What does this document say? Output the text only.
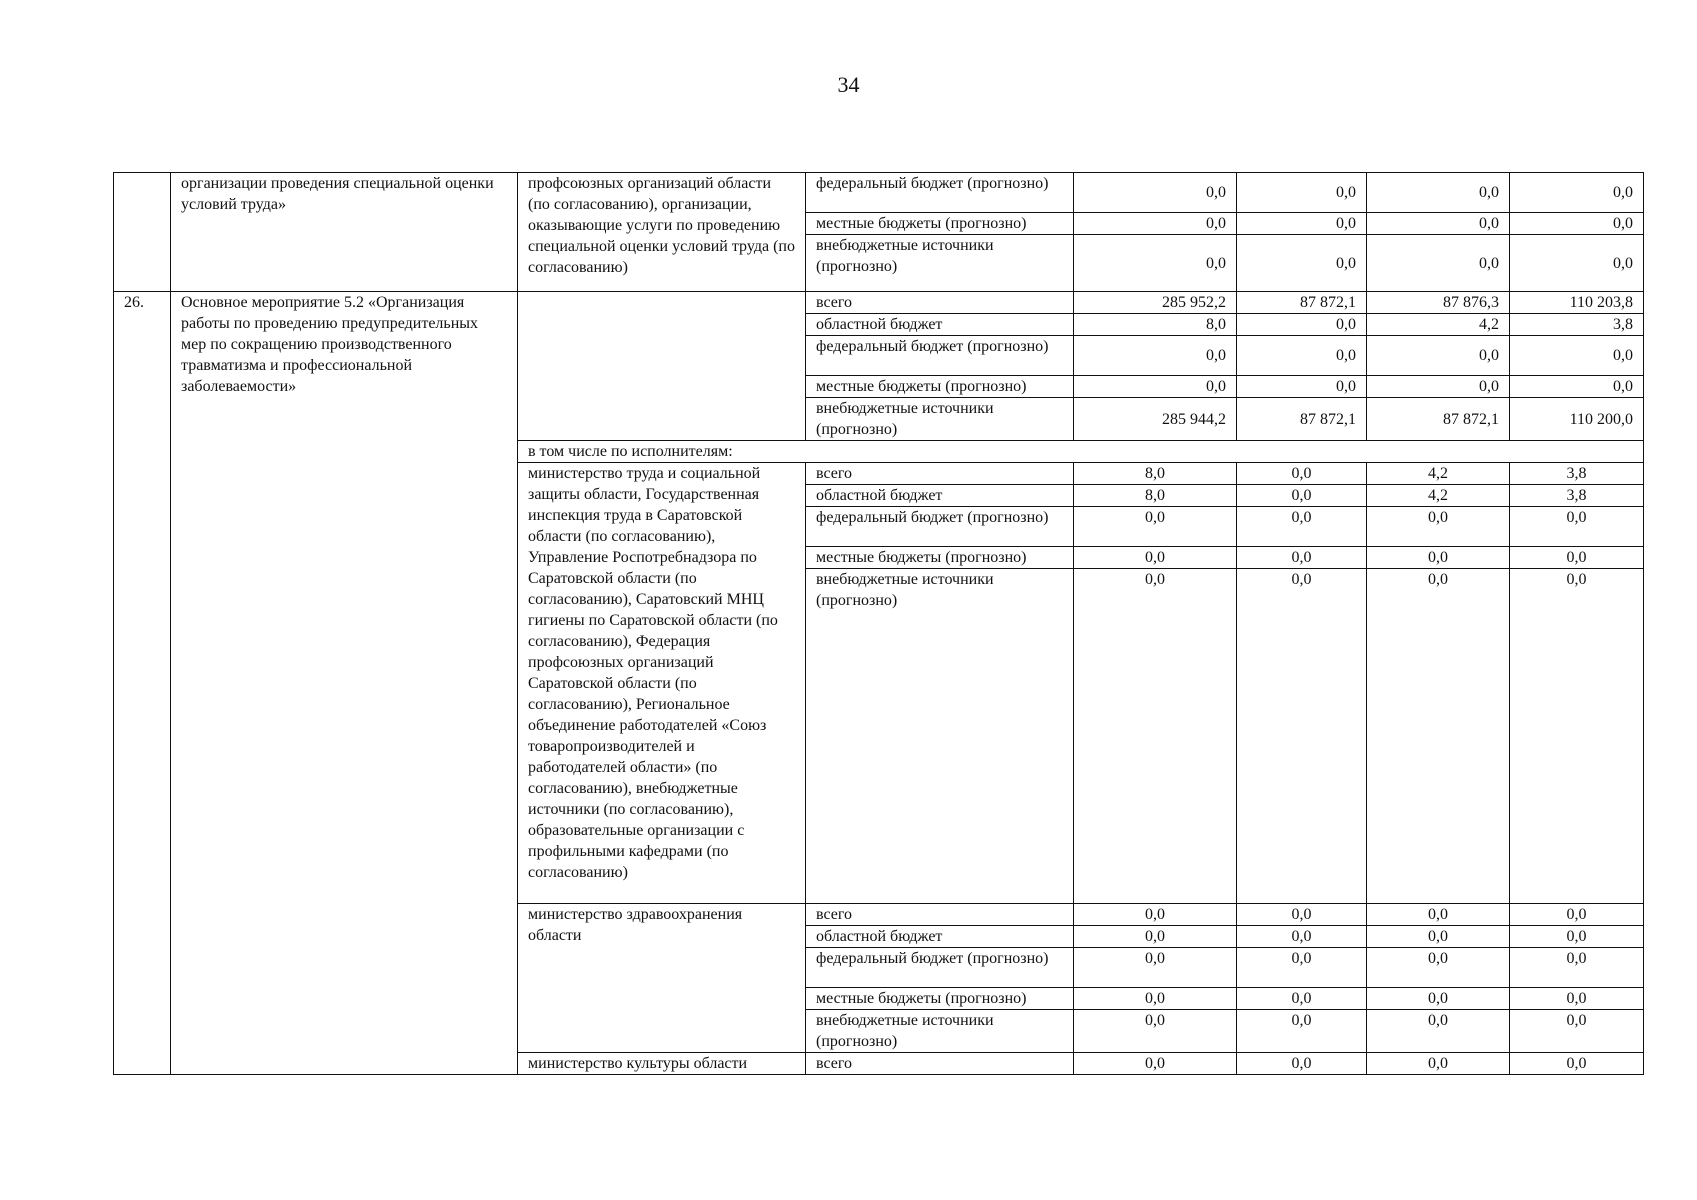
34
	организации проведения специальной оценки условий труда»	профсоюзных организаций области (по согласованию), организации, оказывающие услуги по проведению специальной оценки условий труда (по согласованию)	федеральный бюджет (прогнозно)	0,0	0,0	0,0	0,0
			местные бюджеты (прогнозно)	0,0	0,0	0,0	0,0
			внебюджетные источники (прогнозно)	0,0	0,0	0,0	0,0
26.	Основное мероприятие 5.2 «Организация работы по проведению предупредительных мер по сокращению производственного травматизма и профессиональной заболеваемости»		всего	285 952,2	87 872,1	87 876,3	110 203,8
			областной бюджет	8,0	0,0	4,2	3,8
			федеральный бюджет (прогнозно)	0,0	0,0	0,0	0,0
			местные бюджеты (прогнозно)	0,0	0,0	0,0	0,0
			внебюджетные источники (прогнозно)	285 944,2	87 872,1	87 872,1	110 200,0
		в том числе по исполнителям:					
		министерство труда и социальной защиты области, Государственная инспекция труда в Саратовской области (по согласованию), Управление Роспотребнадзора по Саратовской области (по согласованию), Саратовский МНЦ гигиены по Саратовской области (по согласованию), Федерация профсоюзных организаций Саратовской области (по согласованию), Региональное объединение работодателей «Союз товаропроизводителей и работодателей области» (по согласованию), внебюджетные источники (по согласованию), образовательные организации с профильными кафедрами (по согласованию)	всего	8,0	0,0	4,2	3,8
			областной бюджет	8,0	0,0	4,2	3,8
			федеральный бюджет (прогнозно)	0,0	0,0	0,0	0,0
			местные бюджеты (прогнозно)	0,0	0,0	0,0	0,0
			внебюджетные источники (прогнозно)	0,0	0,0	0,0	0,0
		министерство здравоохранения области	всего	0,0	0,0	0,0	0,0
			областной бюджет	0,0	0,0	0,0	0,0
			федеральный бюджет (прогнозно)	0,0	0,0	0,0	0,0
			местные бюджеты (прогнозно)	0,0	0,0	0,0	0,0
			внебюджетные источники (прогнозно)	0,0	0,0	0,0	0,0
		министерство культуры области	всего	0,0	0,0	0,0	0,0
